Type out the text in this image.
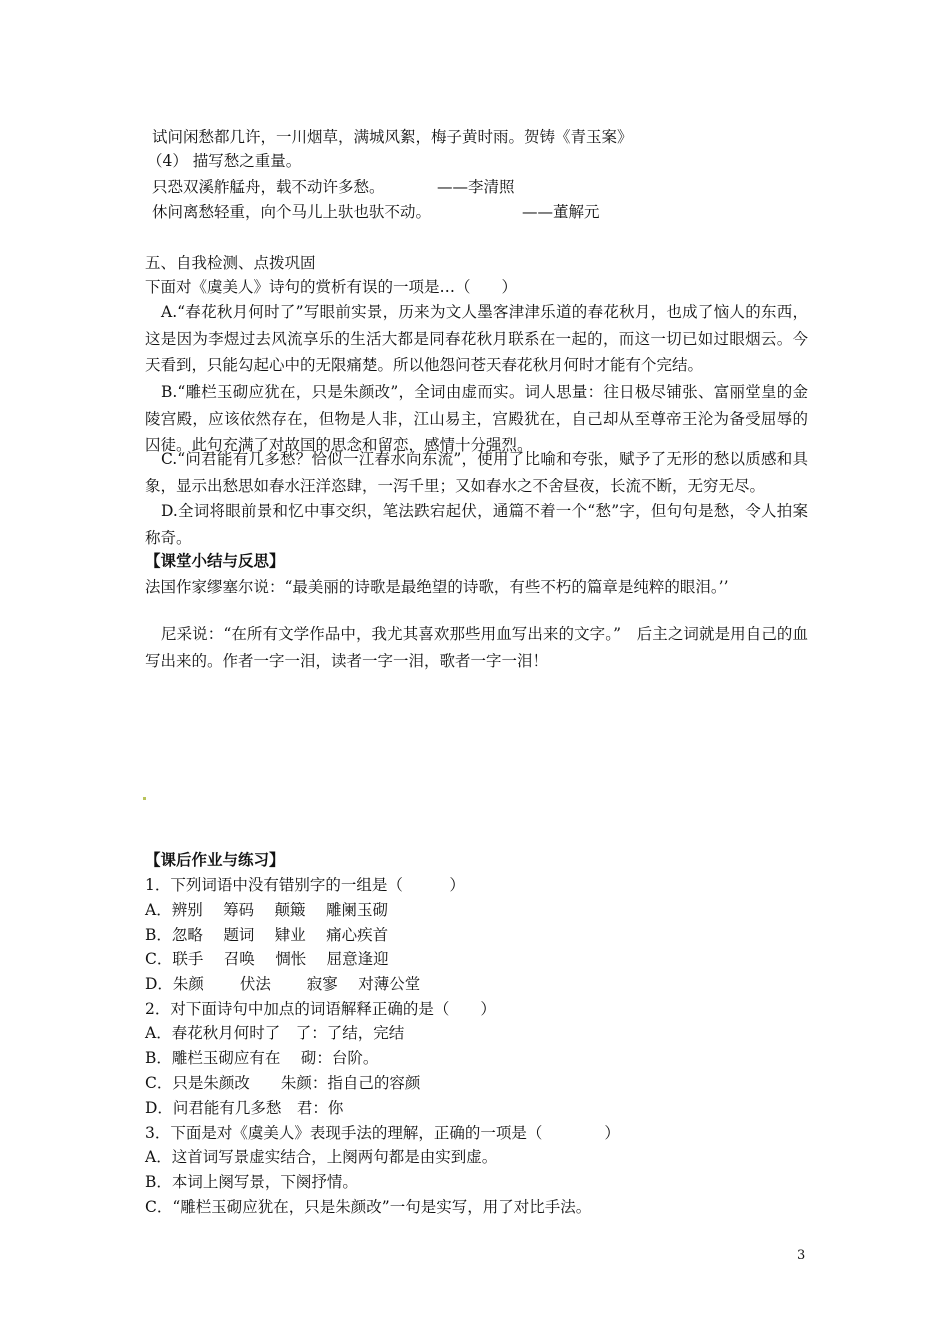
试问闲愁都几许，一川烟草，满城风絮，梅子黄时雨。贺铸《青玉案》
（4） 描写愁之重量。
只恐双溪舴艋舟，载不动许多愁。	——李清照
休问离愁轻重，向个马儿上驮也驮不动。	——董解元
五、自我检测、点拨巩固
下面对《虞美人》诗句的赏析有误的一项是…（　　）
A.“春花秋月何时了”写眼前实景，历来为文人墨客津津乐道的春花秋月，也成了恼人的东西，这是因为李煜过去风流享乐的生活大都是同春花秋月联系在一起的，而这一切已如过眼烟云。今天看到，只能勾起心中的无限痛楚。所以他怨问苍天春花秋月何时才能有个完结。
B.“雕栏玉砌应犹在，只是朱颜改”，全词由虚而实。词人思量：往日极尽铺张、富丽堂皇的金陵宫殿，应该依然存在，但物是人非，江山易主，宫殿犹在，自己却从至尊帝王沦为备受屈辱的囚徒。此句充满了对故国的思念和留恋，感情十分强烈。
C.“问君能有几多愁？恰似一江春水向东流”，使用了比喻和夸张，赋予了无形的愁以质感和具象，显示出愁思如春水汪洋恣肆，一泻千里；又如春水之不舍昼夜，长流不断，无穷无尽。
D.全词将眼前景和忆中事交织，笔法跌宕起伏，通篇不着一个“愁”字，但句句是愁，令人拍案称奇。
【课堂小结与反思】
法国作家缪塞尔说：“最美丽的诗歌是最绝望的诗歌，有些不朽的篇章是纯粹的眼泪。’’
尼采说：“在所有文学作品中，我尤其喜欢那些用血写出来的文字。”　后主之词就是用自己的血写出来的。作者一字一泪，读者一字一泪，歌者一字一泪！
【课后作业与练习】
1．下列词语中没有错别字的一组是（　　　）
A．辨别　 筹码　 颠簸　 雕阑玉砌
B．忽略　 题词　 肄业　 痛心疾首
C．联手　 召唤　 惆怅　 屈意逢迎
D．朱颜　　 伏法　　 寂寥　 对薄公堂
2．对下面诗句中加点的词语解释正确的是（　　）
A．春花秋月何时了　了：了结，完结
B．雕栏玉砌应有在　 砌：台阶。
C．只是朱颜改　　朱颜：指自己的容颜
D．问君能有几多愁　君：你
3．下面是对《虞美人》表现手法的理解，正确的一项是（　　　　）
A．这首词写景虚实结合，上阕两句都是由实到虚。
B．本词上阕写景，下阕抒情。
C．“雕栏玉砌应犹在，只是朱颜改”一句是实写，用了对比手法。
3
